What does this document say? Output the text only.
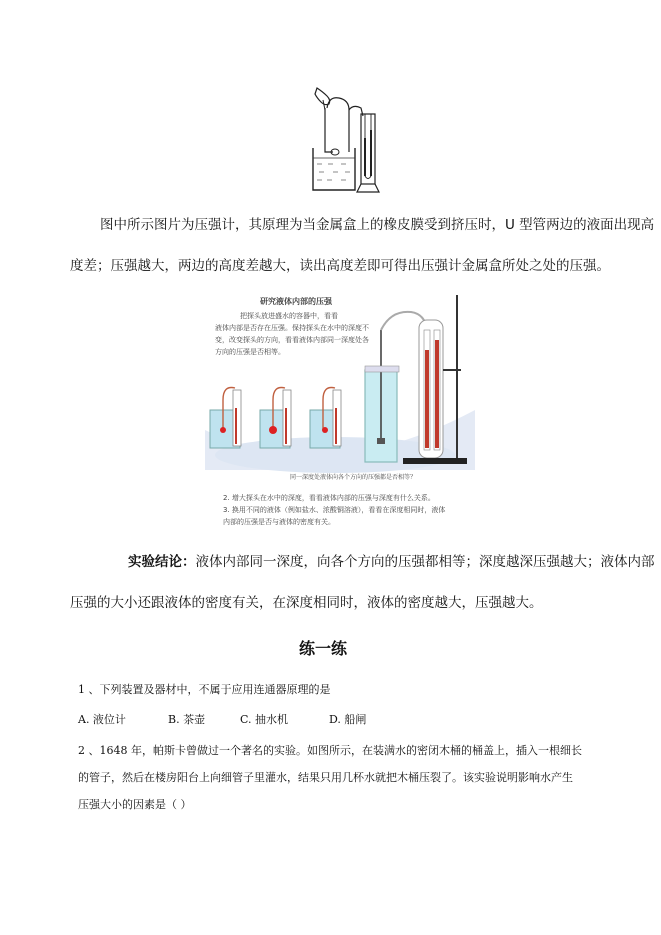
图中所示图片为压强计，其原理为当金属盒上的橡皮膜受到挤压时，U 型管两边的液面出现高
度差；压强越大，两边的高度差越大，读出高度差即可得出压强计金属盒所处之处的压强。
研究液体内部的压强
把探头放进盛水的容器中，看看
液体内部是否存在压强。保持探头在水中的深度不
变，改变探头的方向，看看液体内部同一深度处各
方向的压强是否相等。
同一深度处液体向各个方向的压强都是否相等？
2. 增大探头在水中的深度，看看液体内部的压强与深度有什么关系。
3. 换用不同的液体（例如盐水、浓酸铜溶液），看看在深度相同时，液体
内部的压强是否与液体的密度有关。
实验结论：液体内部同一深度，向各个方向的压强都相等；深度越深压强越大；液体内部
压强的大小还跟液体的密度有关，在深度相同时，液体的密度越大，压强越大。
练一练
1 、下列装置及器材中，不属于应用连通器原理的是
A. 液位计	B. 茶壶	C. 抽水机	D. 船闸
2 、1648 年，帕斯卡曾做过一个著名的实验。如图所示，在装满水的密闭木桶的桶盖上，插入一根细长
的管子，然后在楼房阳台上向细管子里灌水，结果只用几杯水就把木桶压裂了。该实验说明影响水产生
压强大小的因素是（ ）
